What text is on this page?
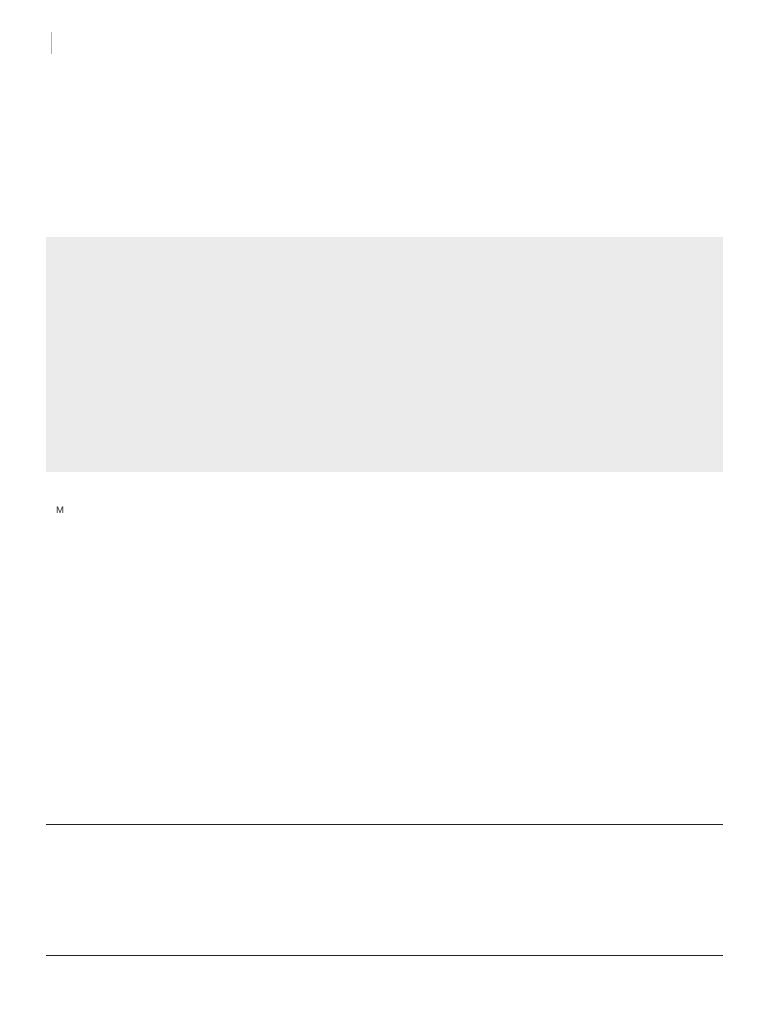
M
